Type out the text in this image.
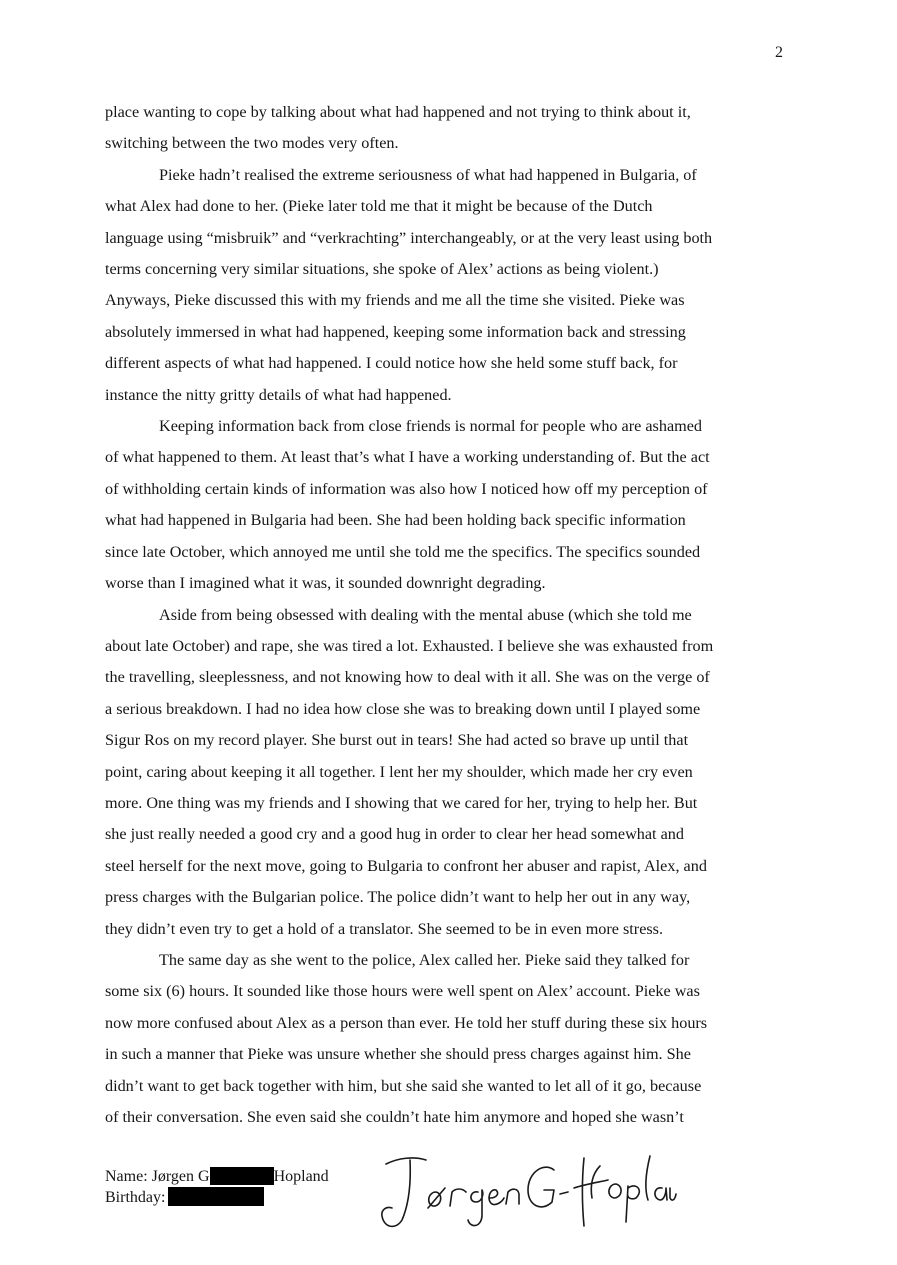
2
place wanting to cope by talking about what had happened and not trying to think about it,
switching between the two modes very often.
Pieke hadn’t realised the extreme seriousness of what had happened in Bulgaria, of
what Alex had done to her. (Pieke later told me that it might be because of the Dutch
language using “misbruik” and “verkrachting” interchangeably, or at the very least using both
terms concerning very similar situations, she spoke of Alex’ actions as being violent.)
Anyways, Pieke discussed this with my friends and me all the time she visited. Pieke was
absolutely immersed in what had happened, keeping some information back and stressing
different aspects of what had happened. I could notice how she held some stuff back, for
instance the nitty gritty details of what had happened.
Keeping information back from close friends is normal for people who are ashamed
of what happened to them. At least that’s what I have a working understanding of. But the act
of withholding certain kinds of information was also how I noticed how off my perception of
what had happened in Bulgaria had been. She had been holding back specific information
since late October, which annoyed me until she told me the specifics. The specifics sounded
worse than I imagined what it was, it sounded downright degrading.
Aside from being obsessed with dealing with the mental abuse (which she told me
about late October) and rape, she was tired a lot. Exhausted. I believe she was exhausted from
the travelling, sleeplessness, and not knowing how to deal with it all. She was on the verge of
a serious breakdown. I had no idea how close she was to breaking down until I played some
Sigur Ros on my record player. She burst out in tears! She had acted so brave up until that
point, caring about keeping it all together. I lent her my shoulder, which made her cry even
more. One thing was my friends and I showing that we cared for her, trying to help her. But
she just really needed a good cry and a good hug in order to clear her head somewhat and
steel herself for the next move, going to Bulgaria to confront her abuser and rapist, Alex, and
press charges with the Bulgarian police. The police didn’t want to help her out in any way,
they didn’t even try to get a hold of a translator. She seemed to be in even more stress.
The same day as she went to the police, Alex called her. Pieke said they talked for
some six (6) hours. It sounded like those hours were well spent on Alex’ account. Pieke was
now more confused about Alex as a person than ever. He told her stuff during these six hours
in such a manner that Pieke was unsure whether she should press charges against him. She
didn’t want to get back together with him, but she said she wanted to let all of it go, because
of their conversation. She even said she couldn’t hate him anymore and hoped she wasn’t
Name: Jørgen G	Hopland
Birthday:
